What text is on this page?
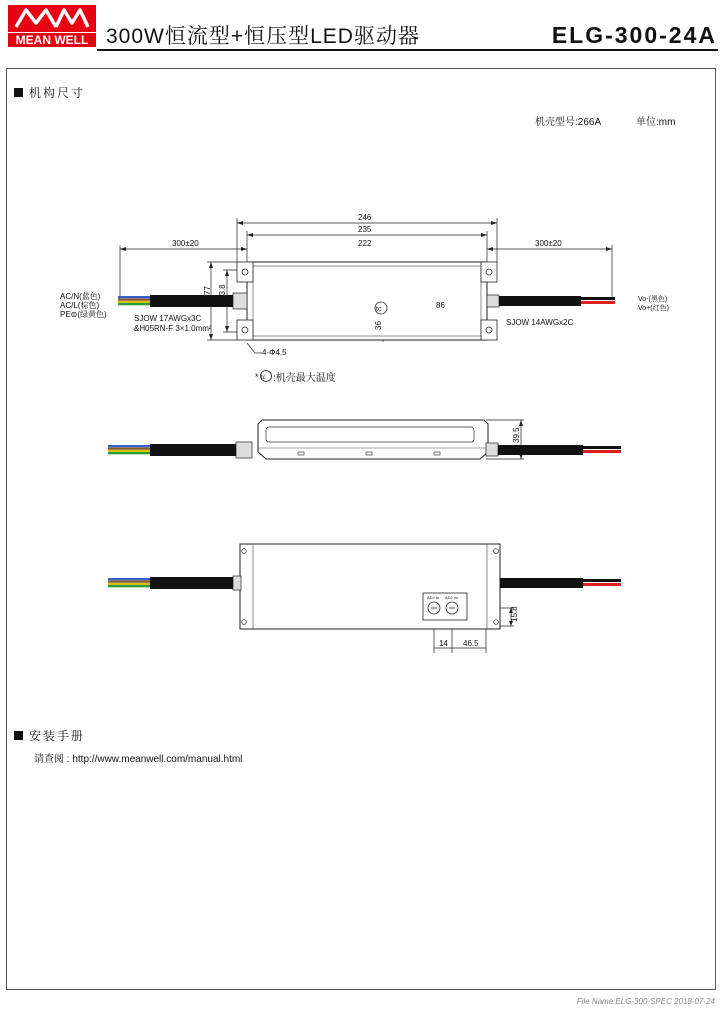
MEAN WELL 300W恒流型+恒压型LED驱动器	ELG-300-24A
机构尺寸
机壳型号:266A	单位:mm
246
235
222
300±20	300±20
77 53.8
86
36
tc
4-Φ4.5
AC/N(蓝色)
AC/L(棕色)
PE⊜(绿黄色)	SJOW 17AWGx3C
&H05RN-F 3×1.0mm²
SJOW 14AWGx2C
Vo-(黑色)
Vo+(红色)
39.5
14 46.5
15.8
ADJ.Io ADJ.Vo
* tc :机壳最大温度
安装手册
请查阅 : http://www.meanwell.com/manual.html
File Name:ELG-300-SPEC 2018-07-24
